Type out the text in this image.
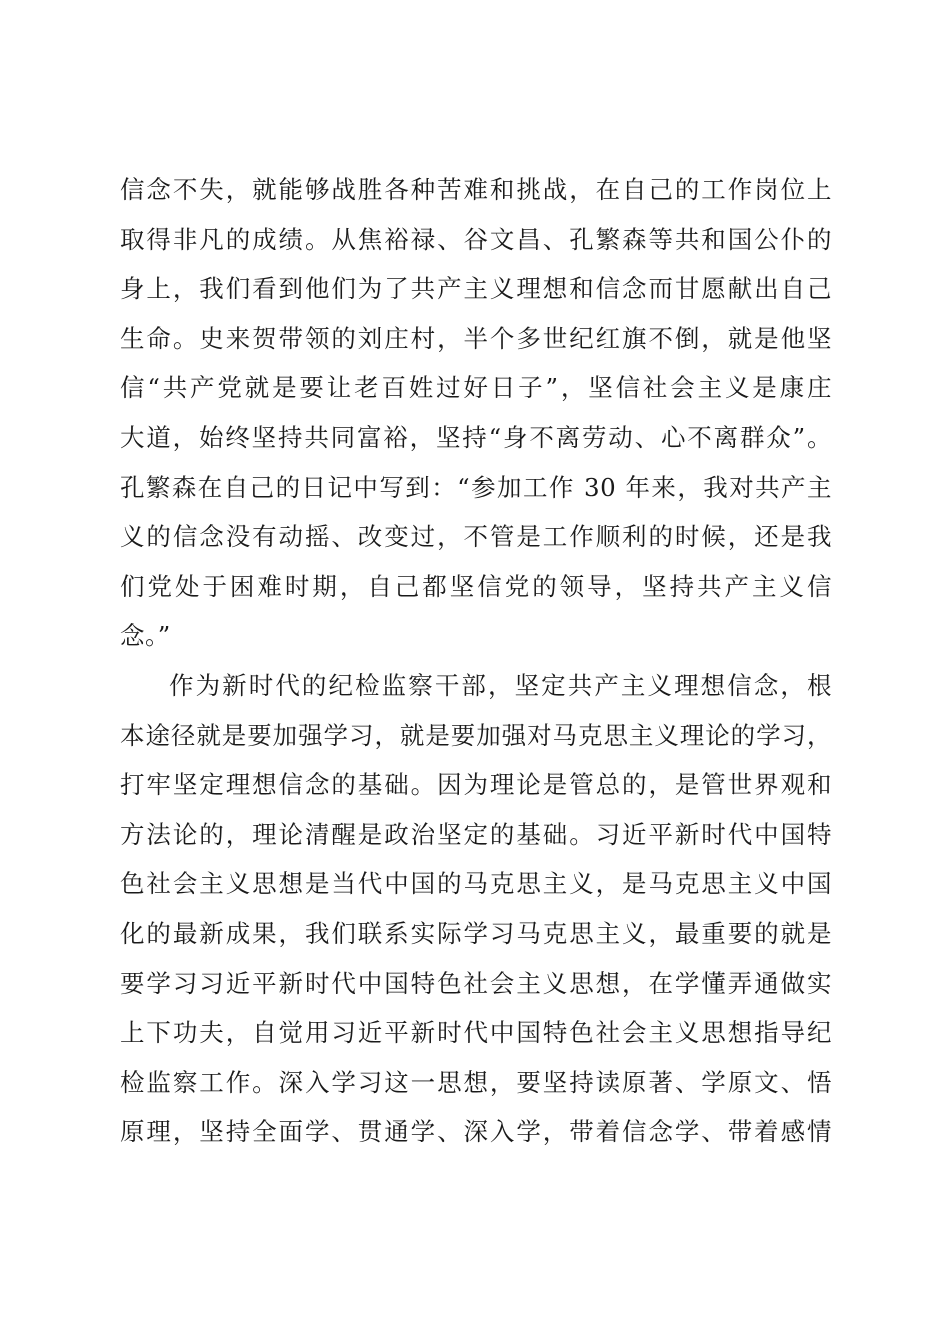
信念不失，就能够战胜各种苦难和挑战，在自己的工作岗位上
取得非凡的成绩。从焦裕禄、谷文昌、孔繁森等共和国公仆的
身上，我们看到他们为了共产主义理想和信念而甘愿献出自己
生命。史来贺带领的刘庄村，半个多世纪红旗不倒，就是他坚
信“共产党就是要让老百姓过好日子”，坚信社会主义是康庄
大道，始终坚持共同富裕，坚持“身不离劳动、心不离群众”。
孔繁森在自己的日记中写到：“参加工作 30 年来，我对共产主
义的信念没有动摇、改变过，不管是工作顺利的时候，还是我
们党处于困难时期，自己都坚信党的领导，坚持共产主义信
念。”
作为新时代的纪检监察干部，坚定共产主义理想信念，根
本途径就是要加强学习，就是要加强对马克思主义理论的学习，
打牢坚定理想信念的基础。因为理论是管总的，是管世界观和
方法论的，理论清醒是政治坚定的基础。习近平新时代中国特
色社会主义思想是当代中国的马克思主义，是马克思主义中国
化的最新成果，我们联系实际学习马克思主义，最重要的就是
要学习习近平新时代中国特色社会主义思想，在学懂弄通做实
上下功夫，自觉用习近平新时代中国特色社会主义思想指导纪
检监察工作。深入学习这一思想，要坚持读原著、学原文、悟
原理，坚持全面学、贯通学、深入学，带着信念学、带着感情
